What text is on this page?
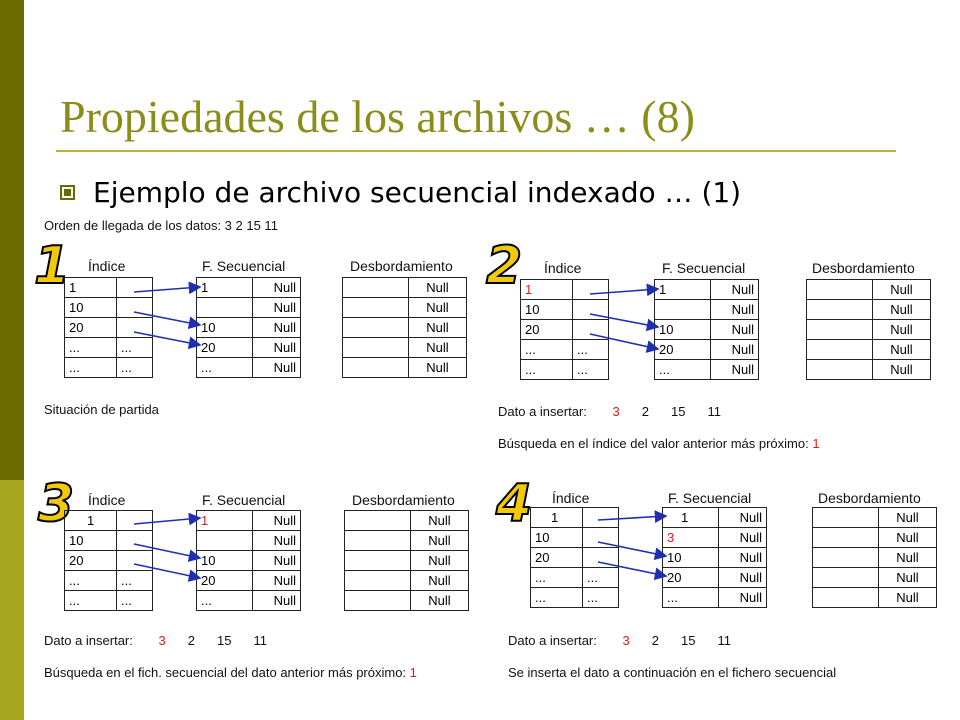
Propiedades de los archivos … (8)
Ejemplo de archivo secuencial indexado … (1)
Orden de llegada de los datos: 3 2 15 11
1 Índice	F. Secuencial	Desbordamiento
1	
10	
20	
...	...
...	...
1	Null
	Null
10	Null
20	Null
...	Null
	Null
	Null
	Null
	Null
	Null
Situación de partida
2 Índice	F. Secuencial	Desbordamiento
1	
10	
20	
...	...
...	...
1	Null
	Null
10	Null
20	Null
...	Null
	Null
	Null
	Null
	Null
	Null
Dato a insertar: 3 2 15 11
Búsqueda en el índice del valor anterior más próximo: 1
3 Índice	F. Secuencial	Desbordamiento
1	
10	
20	
...	...
...	...
1	Null
	Null
10	Null
20	Null
...	Null
	Null
	Null
	Null
	Null
	Null
Dato a insertar: 3 2 15 11
Búsqueda en el fich. secuencial del dato anterior más próximo: 1
4 Índice	F. Secuencial	Desbordamiento
1	
10	
20	
...	...
...	...
1	Null
3	Null
10	Null
20	Null
...	Null
	Null
	Null
	Null
	Null
	Null
Dato a insertar: 3 2 15 11
Se inserta el dato a continuación en el fichero secuencial
